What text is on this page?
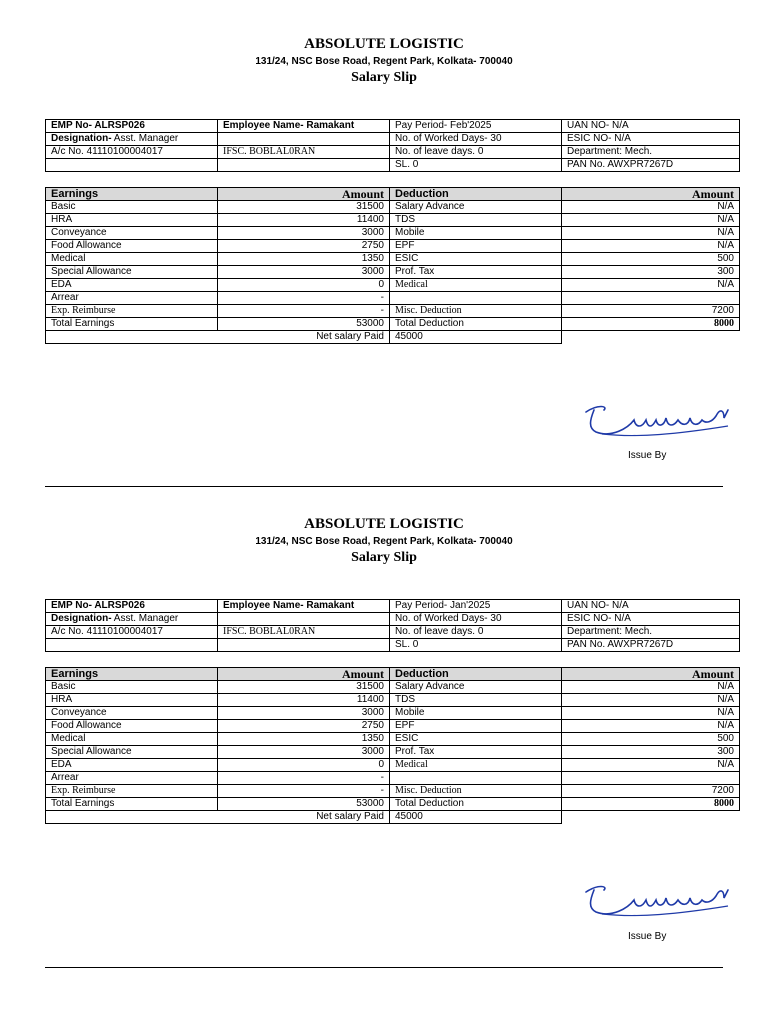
ABSOLUTE LOGISTIC
131/24, NSC Bose Road, Regent Park, Kolkata- 700040
Salary Slip
EMP No- ALRSP026	Employee Name- Ramakant	Pay Period- Feb'2025	UAN NO- N/A
Designation- Asst. Manager		No. of Worked Days- 30	ESIC NO- N/A
A/c No. 41110100004017	IFSC. BOBLAL0RAN	No. of leave days. 0	Department: Mech.
		SL. 0	PAN No. AWXPR7267D
Earnings	Amount	Deduction	Amount
Basic	31500	Salary Advance	N/A
HRA	11400	TDS	N/A
Conveyance	3000	Mobile	N/A
Food Allowance	2750	EPF	N/A
Medical	1350	ESIC	500
Special Allowance	3000	Prof. Tax	300
EDA	0	Medical	N/A
Arrear	-		
Exp. Reimburse	-	Misc. Deduction	7200
Total Earnings	53000	Total Deduction	8000
Net salary Paid		45000	
Issue By
ABSOLUTE LOGISTIC
131/24, NSC Bose Road, Regent Park, Kolkata- 700040
Salary Slip
EMP No- ALRSP026	Employee Name- Ramakant	Pay Period- Jan'2025	UAN NO- N/A
Designation- Asst. Manager		No. of Worked Days- 30	ESIC NO- N/A
A/c No. 41110100004017	IFSC. BOBLAL0RAN	No. of leave days. 0	Department: Mech.
		SL. 0	PAN No. AWXPR7267D
Earnings	Amount	Deduction	Amount
Basic	31500	Salary Advance	N/A
HRA	11400	TDS	N/A
Conveyance	3000	Mobile	N/A
Food Allowance	2750	EPF	N/A
Medical	1350	ESIC	500
Special Allowance	3000	Prof. Tax	300
EDA	0	Medical	N/A
Arrear	-		
Exp. Reimburse	-	Misc. Deduction	7200
Total Earnings	53000	Total Deduction	8000
Net salary Paid		45000	
Issue By
